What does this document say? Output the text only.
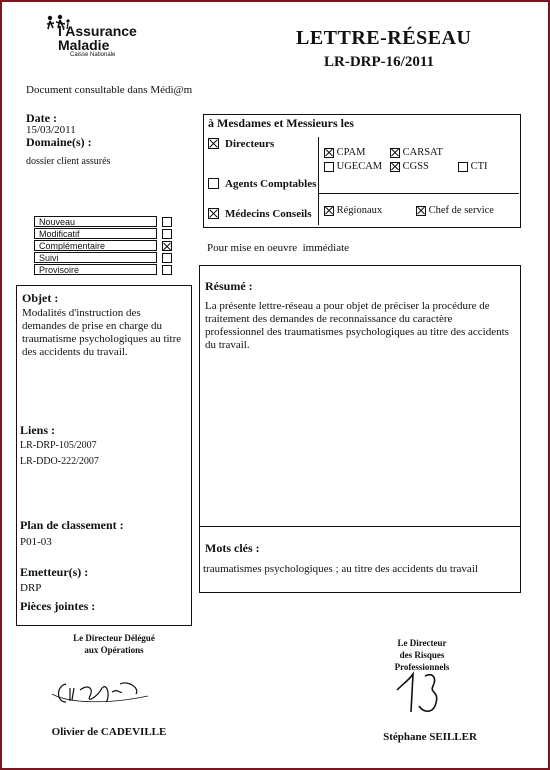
l'Assurance
Maladie
Caisse Nationale
LETTRE-RÉSEAU
LR-DRP-16/2011
Document consultable dans Médi@m
Date :
15/03/2011
Domaine(s) :
dossier client assurés
Nouveau
Modificatif
Complémentaire
Suivi
Provisoire
à Mesdames et Messieurs les
Directeurs
Agents Comptables
Médecins Conseils
CPAM	CARSAT
UGECAM	CGSS	CTI
Régionaux	Chef de service
Pour mise en oeuvre immédiate
Objet :
Modalités d'instruction des demandes de prise en charge du traumatisme psychologiques au titre des accidents du travail.
Liens :
LR-DRP-105/2007
LR-DDO-222/2007
Plan de classement :
P01-03
Emetteur(s) :
DRP
Pièces jointes :
Résumé :
La présente lettre-réseau a pour objet de préciser la procédure de traitement des demandes de reconnaissance du caractère professionnel des traumatismes psychologiques au titre des accidents du travail.
Mots clés :
traumatismes psychologiques ; au titre des accidents du travail
Le Directeur Délégué
aux Opérations
Olivier de CADEVILLE
Le Directeur
des Risques Professionnels
Stéphane SEILLER
